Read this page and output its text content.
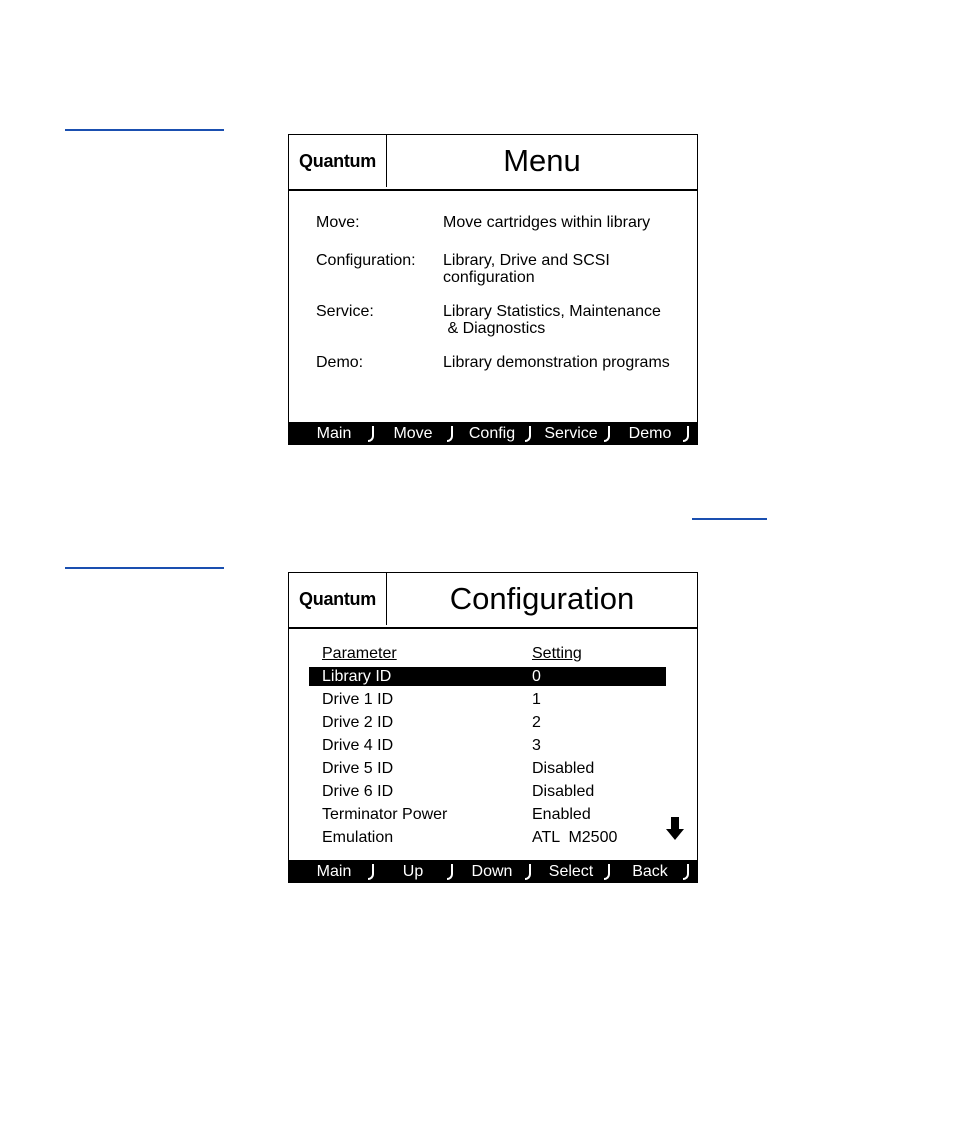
Quantum	Menu
Move:	Move cartridges within library
Configuration: Library, Drive and SCSI
configuration
Service:	Library Statistics, Maintenance
& Diagnostics
Demo:	Library demonstration programs
Main	Move	Config	Service	Demo
Quantum	Configuration
Parameter	Setting
Library ID	0
Drive 1 ID	1
Drive 2 ID	2
Drive 4 ID	3
Drive 5 ID	Disabled
Drive 6 ID	Disabled
Terminator Power	Enabled
Emulation	ATL  M2500
Main	Up	Down	Select	Back
